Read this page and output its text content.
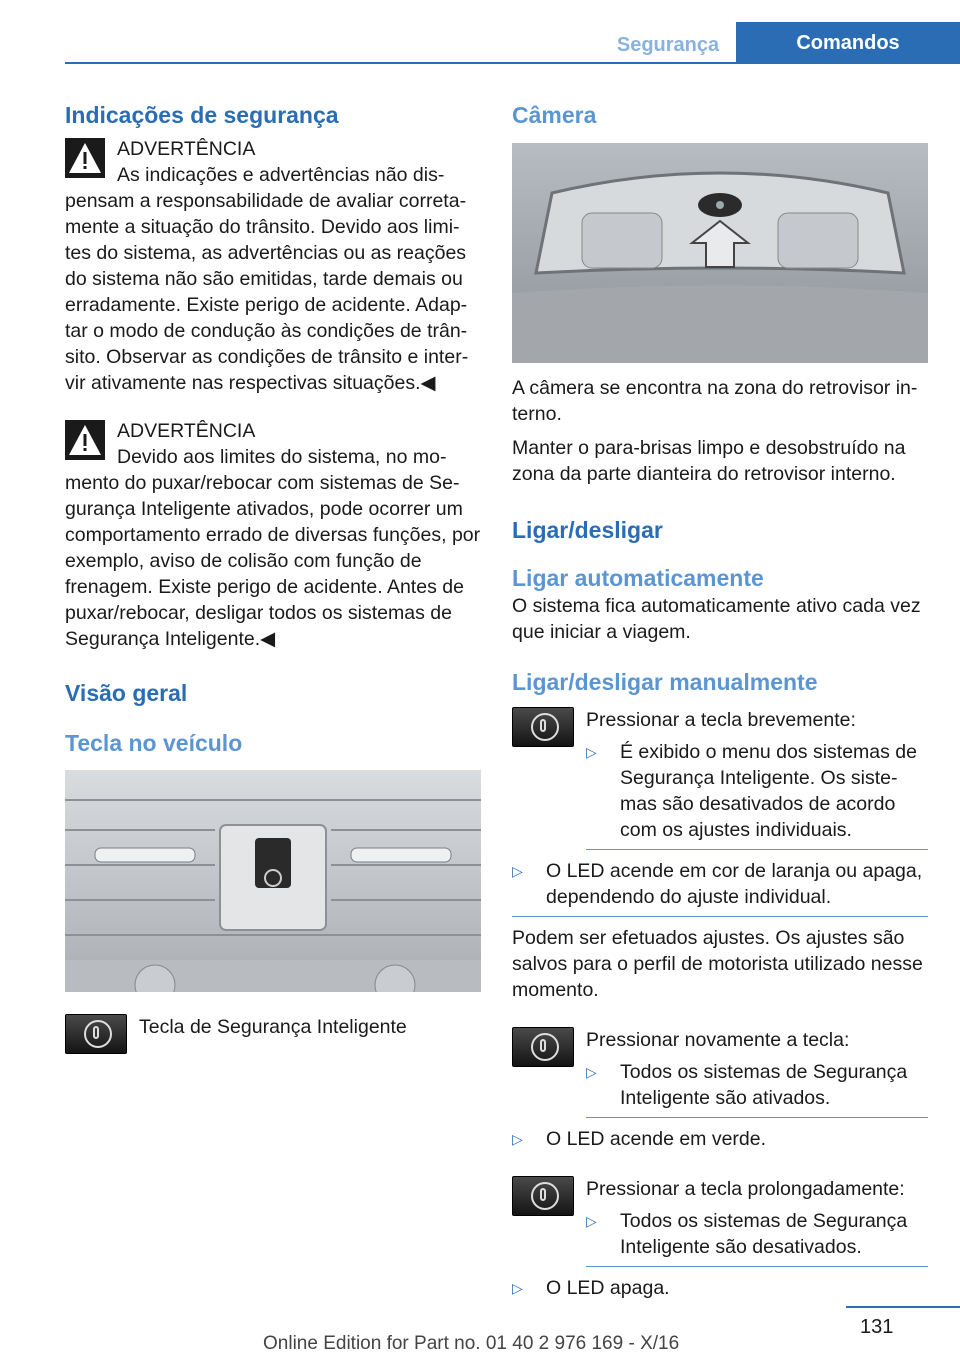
Segurança	Comandos
Indicações de segurança

ADVERTÊNCIA

As indicações e advertências não dis‐pensam a responsabilidade de avaliar correta‐mente a situação do trânsito. Devido aos limi‐tes do sistema, as advertências ou as reações do sistema não são emitidas, tarde demais ou erradamente. Existe perigo de acidente. Adap‐tar o modo de condução às condições de trân‐sito. Observar as condições de trânsito e inter‐vir ativamente nas respectivas situações.◀

ADVERTÊNCIA

Devido aos limites do sistema, no mo‐mento do puxar/rebocar com sistemas de Se‐gurança Inteligente ativados, pode ocorrer um comportamento errado de diversas funções, por exemplo, aviso de colisão com função de frenagem. Existe perigo de acidente. Antes de puxar/rebocar, desligar todos os sistemas de Segurança Inteligente.◀

Visão geral
Tecla no veículo

Tecla de Segurança Inteligente

Câmera

A câmera se encontra na zona do retrovisor in‐terno.

Manter o para-brisas limpo e desobstruído na zona da parte dianteira do retrovisor interno.

Ligar/desligar
Ligar automaticamente

O sistema fica automaticamente ativo cada vez que iniciar a viagem.

Ligar/desligar manualmente

Pressionar a tecla brevemente:

▷ É exibido o menu dos sistemas de Segurança Inteligente. Os siste‐mas são desativados de acordo com os ajustes individuais.
▷ O LED acende em cor de laranja ou apaga, dependendo do ajuste individual.

Podem ser efetuados ajustes. Os ajustes são salvos para o perfil de motorista utilizado nesse momento.

Pressionar novamente a tecla:

▷ Todos os sistemas de Segurança Inteligente são ativados.
▷ O LED acende em verde.

Pressionar a tecla prolongadamente:

▷ Todos os sistemas de Segurança Inteligente são desativados.
▷ O LED apaga.
131
Online Edition for Part no. 01 40 2 976 169 - X/16
